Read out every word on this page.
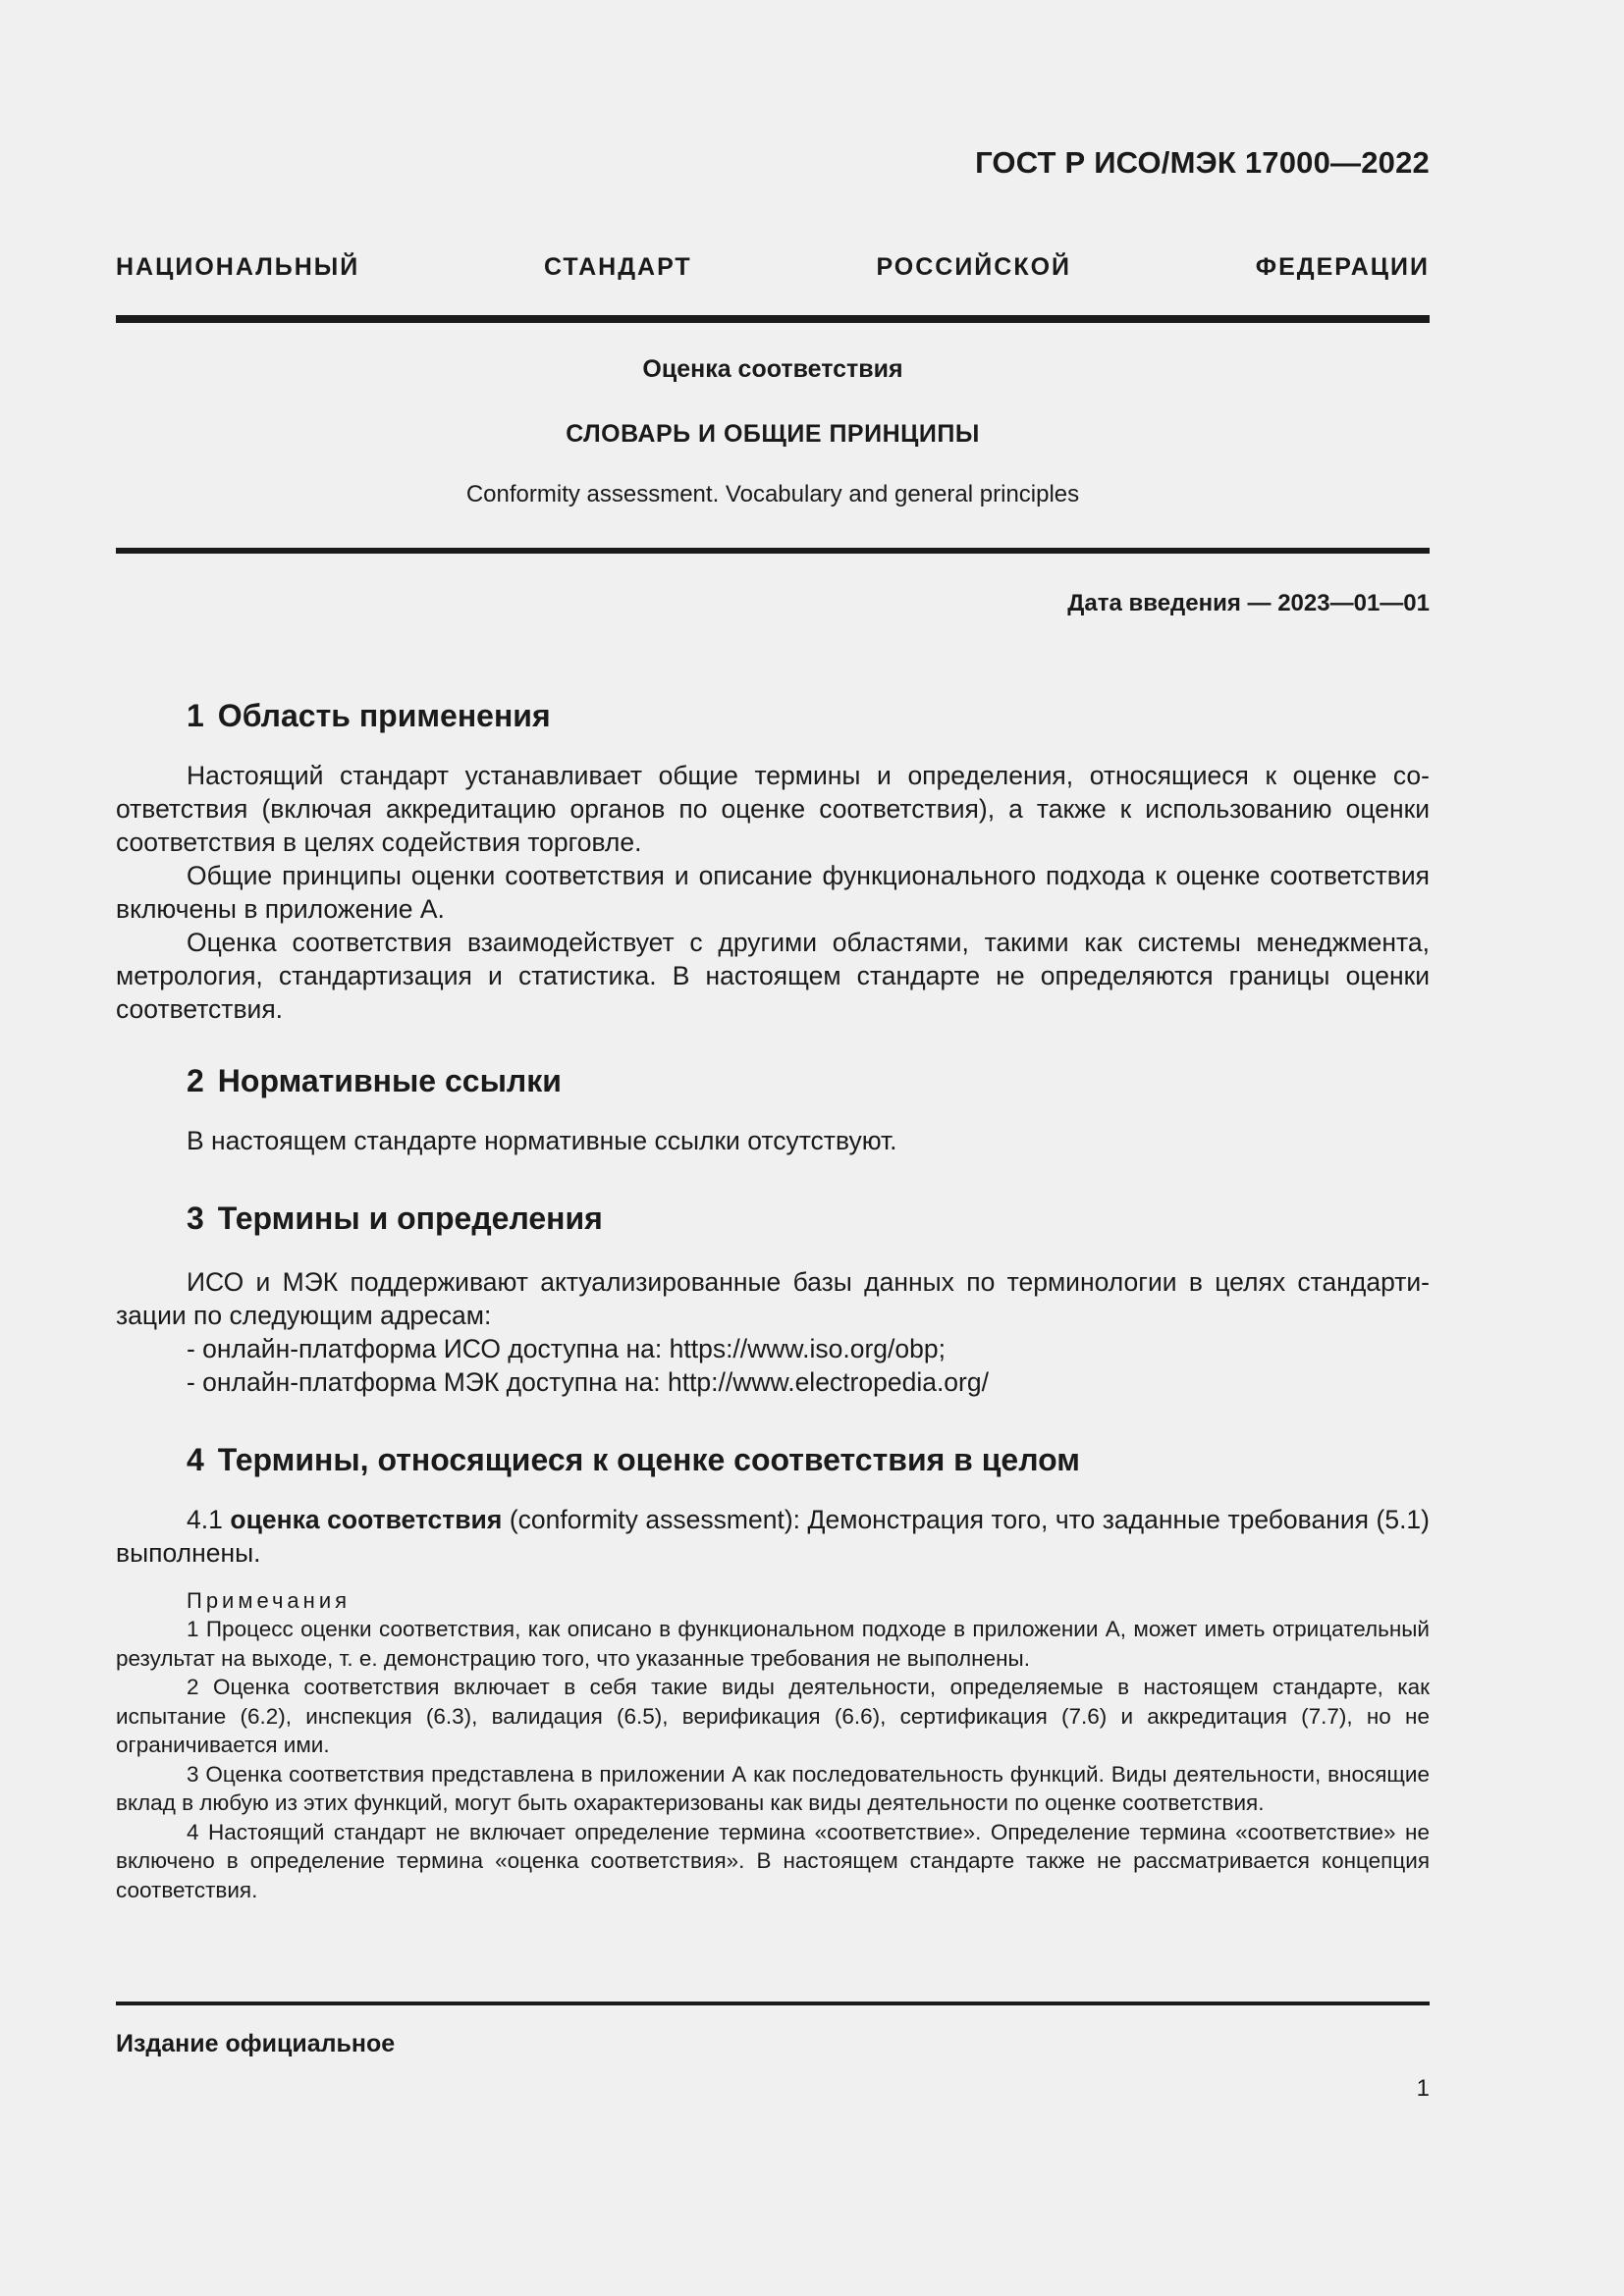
ГОСТ Р ИСО/МЭК 17000—2022
НАЦИОНАЛЬНЫЙ СТАНДАРТ РОССИЙСКОЙ ФЕДЕРАЦИИ
Оценка соответствия
СЛОВАРЬ И ОБЩИЕ ПРИНЦИПЫ
Conformity assessment. Vocabulary and general principles
Дата введения — 2023—01—01
1 Область применения

Настоящий стандарт устанавливает общие термины и определения, относящиеся к оценке соответствия (включая аккредитацию органов по оценке соответствия), а также к использованию оценки соответствия в целях содействия торговле.

Общие принципы оценки соответствия и описание функционального подхода к оценке соответствия включены в приложение А.

Оценка соответствия взаимодействует с другими областями, такими как системы менеджмента, метрология, стандартизация и статистика. В настоящем стандарте не определяются границы оценки соответствия.

2 Нормативные ссылки

В настоящем стандарте нормативные ссылки отсутствуют.

3 Термины и определения

ИСО и МЭК поддерживают актуализированные базы данных по терминологии в целях стандартизации по следующим адресам:

- онлайн-платформа ИСО доступна на: https://www.iso.org/obp;

- онлайн-платформа МЭК доступна на: http://www.electropedia.org/

4 Термины, относящиеся к оценке соответствия в целом

4.1 оценка соответствия (conformity assessment): Демонстрация того, что заданные требования (5.1) выполнены.

Примечания

1 Процесс оценки соответствия, как описано в функциональном подходе в приложении А, может иметь отрицательный результат на выходе, т. е. демонстрацию того, что указанные требования не выполнены.

2 Оценка соответствия включает в себя такие виды деятельности, определяемые в настоящем стандарте, как испытание (6.2), инспекция (6.3), валидация (6.5), верификация (6.6), сертификация (7.6) и аккредитация (7.7), но не ограничивается ими.

3 Оценка соответствия представлена в приложении А как последовательность функций. Виды деятельности, вносящие вклад в любую из этих функций, могут быть охарактеризованы как виды деятельности по оценке соответствия.

4 Настоящий стандарт не включает определение термина «соответствие». Определение термина «соответствие» не включено в определение термина «оценка соответствия». В настоящем стандарте также не рассматривается концепция соответствия.

Издание официальное
1
